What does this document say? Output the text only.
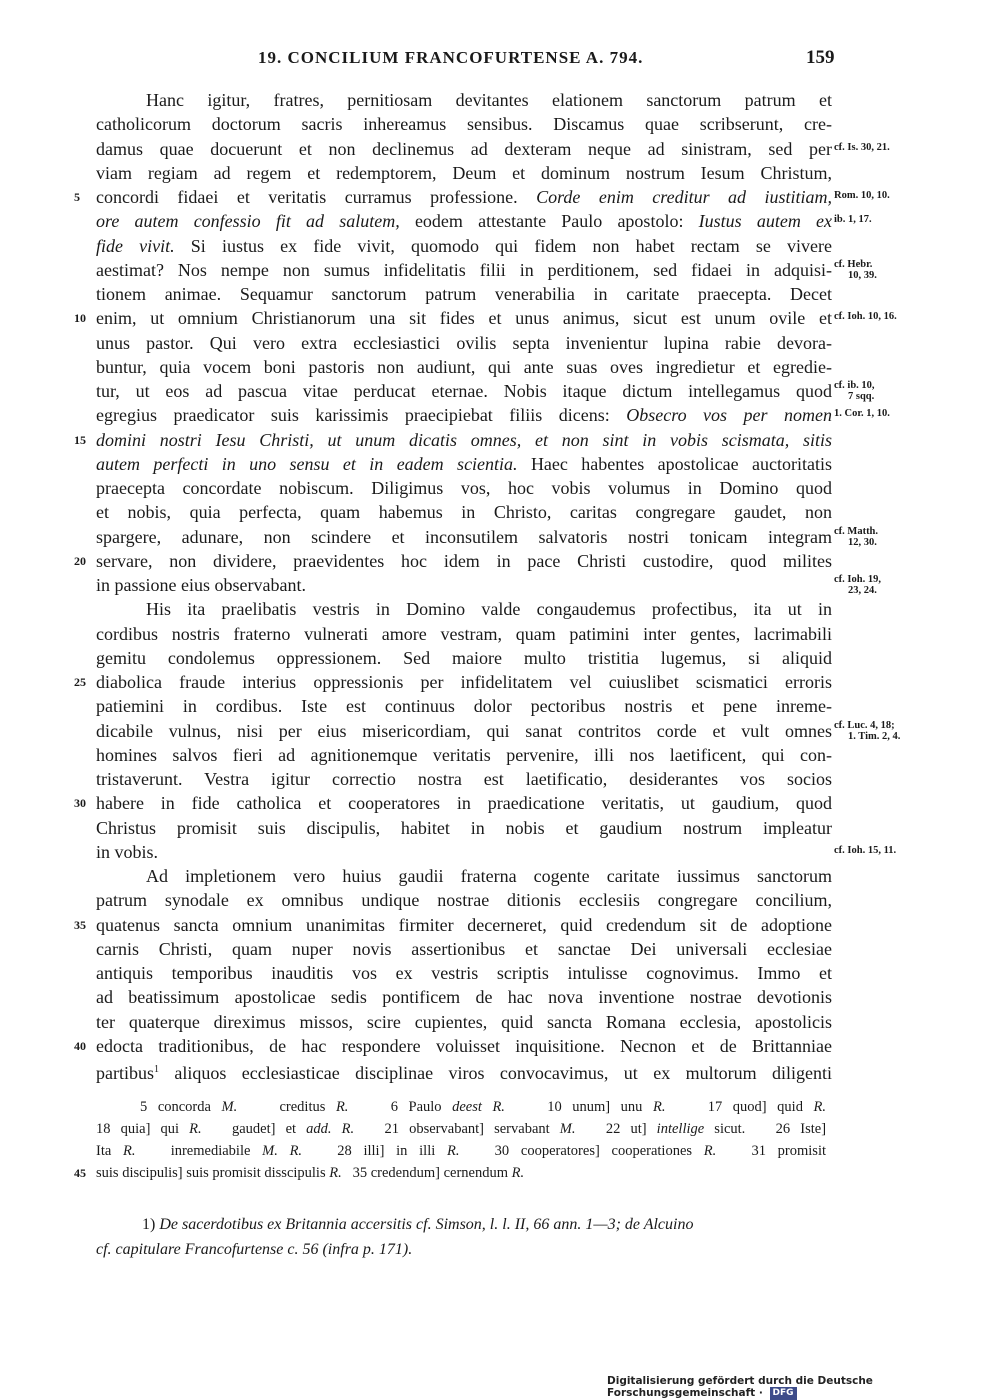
19. CONCILIUM FRANCOFURTENSE A. 794.	159
Hanc igitur, fratres, pernitiosam devitantes elationem sanctorum patrum et
catholicorum doctorum sacris inhereamus sensibus. Discamus quae scribserunt, cre-
damus quae docuerunt et non declinemus ad dexteram neque ad sinistram, sed per cf. Is. 30, 21.
viam regiam ad regem et redemptorem, Deum et dominum nostrum Iesum Christum,
concordi fidaei et veritatis curramus professione. Corde enim creditur ad iustitiam,
5	Rom. 10, 10.
ore autem confessio fit ad salutem, eodem attestante Paulo apostolo: Iustus autem ex ib. 1, 17.
fide vivit. Si iustus ex fide vivit, quomodo qui fidem non habet rectam se vivere
aestimat? Nos nempe non sumus infidelitatis filii in perditionem, sed fidaei in adquisi- cf. Hebr.
10, 39.
tionem animae. Sequamur sanctorum patrum venerabilia in caritate praecepta. Decet
enim, ut omnium Christianorum una sit fides et unus animus, sicut est unum ovile et
10	cf. Ioh. 10, 16.
unus pastor. Qui vero extra ecclesiastici ovilis septa invenientur lupina rabie devora-
buntur, quia vocem boni pastoris non audiunt, qui ante suas oves ingredietur et egredie-
tur, ut eos ad pascua vitae perducat eternae. Nobis itaque dictum intellegamus quod cf. ib. 10,
7 sqq.
egregius praedicator suis karissimis praecipiebat filiis dicens: Obsecro vos per nomen 1. Cor. 1, 10.
domini nostri Iesu Christi, ut unum dicatis omnes, et non sint in vobis scismata, sitis
15
autem perfecti in uno sensu et in eadem scientia. Haec habentes apostolicae auctoritatis
praecepta concordate nobiscum. Diligimus vos, hoc vobis volumus in Domino quod
et nobis, quia perfecta, quam habemus in Christo, caritas congregare gaudet, non
spargere, adunare, non scindere et inconsutilem salvatoris nostri tonicam integram cf. Matth.
12, 30.
servare, non dividere, praevidentes hoc idem in pace Christi custodire, quod milites
20
in passione eius observabant.	cf. Ioh. 19,
23, 24.
His ita praelibatis vestris in Domino valde congaudemus profectibus, ita ut in
cordibus nostris fraterno vulnerati amore vestram, quam patimini inter gentes, lacrimabili
gemitu condolemus oppressionem. Sed maiore multo tristitia lugemus, si aliquid
diabolica fraude interius oppressionis per infidelitatem vel cuiuslibet scismatici erroris
25
patiemini in cordibus. Iste est continuus dolor pectoribus nostris et pene inreme-
dicabile vulnus, nisi per eius misericordiam, qui sanat contritos corde et vult omnes cf. Luc. 4, 18;
1. Tim. 2, 4.
homines salvos fieri ad agnitionemque veritatis pervenire, illi nos laetificent, qui con-
tristaverunt. Vestra igitur correctio nostra est laetificatio, desiderantes vos socios
habere in fide catholica et cooperatores in praedicatione veritatis, ut gaudium, quod
30
Christus promisit suis discipulis, habitet in nobis et gaudium nostrum impleatur
in vobis.	cf. Ioh. 15, 11.
Ad impletionem vero huius gaudii fraterna cogente caritate iussimus sanctorum
patrum synodale ex omnibus undique nostrae ditionis ecclesiis congregare concilium,
quatenus sancta omnium unanimitas firmiter decerneret, quid credendum sit de adoptione
35
carnis Christi, quam nuper novis assertionibus et sanctae Dei universali ecclesiae
antiquis temporibus inauditis vos ex vestris scriptis intulisse cognovimus. Immo et
ad beatissimum apostolicae sedis pontificem de hac nova inventione nostrae devotionis
ter quaterque direximus missos, scire cupientes, quid sancta Romana ecclesia, apostolicis
edocta traditionibus, de hac respondere voluisset inquisitione. Necnon et de Brittanniae
40
partibus$^1$ aliquos ecclesiasticae disciplinae viros convocavimus, ut ex multorum diligenti
5 concorda M.    creditus R.    6 Paulo deest R.    10 unum] unu R.    17 quod] quid R.
18 quia] qui R.   gaudet] et add. R.   21 observabant] servabant M.   22 ut] intellige sicut.   26 Iste]
Ita R.   inremediabile M. R.   28 illi] in illi R.   30 cooperatores] cooperationes R.   31 promisit
suis discipulis] suis promisit disscipulis R.   35 credendum] cernendum R.
45
1) De sacerdotibus ex Britannia accersitis cf. Simson, l. l. II, 66 ann. 1—3; de Alcuino
cf. capitulare Francofurtense c. 56 (infra p. 171).
Digitalisierung gefördert durch die Deutsche Forschungsgemeinschaft · DFG
